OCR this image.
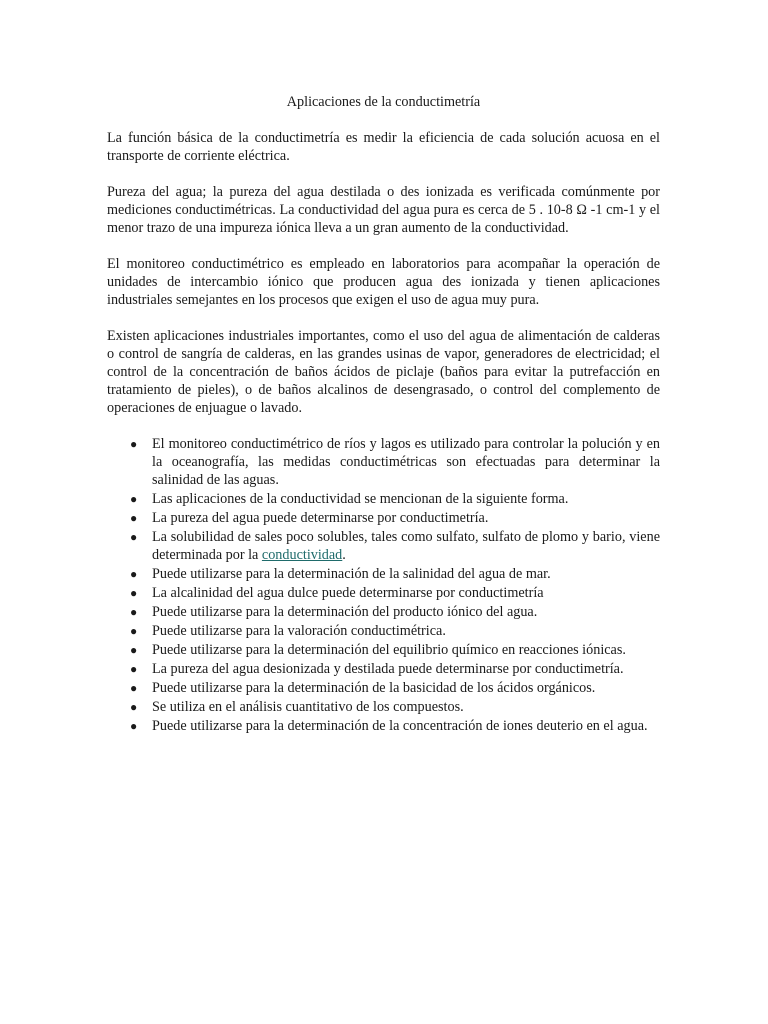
Aplicaciones de la conductimetría

La función básica de la conductimetría es medir la eficiencia de cada solución acuosa en el transporte de corriente eléctrica.

Pureza del agua; la pureza del agua destilada o des ionizada es verificada comúnmente por mediciones conductimétricas. La conductividad del agua pura es cerca de 5 . 10-8 Ω -1 cm-1 y el menor trazo de una impureza iónica lleva a un gran aumento de la conductividad.

El monitoreo conductimétrico es empleado en laboratorios para acompañar la operación de unidades de intercambio iónico que producen agua des ionizada y tienen aplicaciones industriales semejantes en los procesos que exigen el uso de agua muy pura.

Existen aplicaciones industriales importantes, como el uso del agua de alimentación de calderas o control de sangría de calderas, en las grandes usinas de vapor, generadores de electricidad; el control de la concentración de baños ácidos de piclaje (baños para evitar la putrefacción en tratamiento de pieles), o de baños alcalinos de desengrasado, o control del complemento de operaciones de enjuague o lavado.

● El monitoreo conductimétrico de ríos y lagos es utilizado para controlar la polución y en la oceanografía, las medidas conductimétricas son efectuadas para determinar la salinidad de las aguas.
● Las aplicaciones de la conductividad se mencionan de la siguiente forma.
● La pureza del agua puede determinarse por conductimetría.
● La solubilidad de sales poco solubles, tales como sulfato, sulfato de plomo y bario, viene determinada por la conductividad.
● Puede utilizarse para la determinación de la salinidad del agua de mar.
● La alcalinidad del agua dulce puede determinarse por conductimetría
● Puede utilizarse para la determinación del producto iónico del agua.
● Puede utilizarse para la valoración conductimétrica.
● Puede utilizarse para la determinación del equilibrio químico en reacciones iónicas.
● La pureza del agua desionizada y destilada puede determinarse por conductimetría.
● Puede utilizarse para la determinación de la basicidad de los ácidos orgánicos.
● Se utiliza en el análisis cuantitativo de los compuestos.
● Puede utilizarse para la determinación de la concentración de iones deuterio en el agua.
